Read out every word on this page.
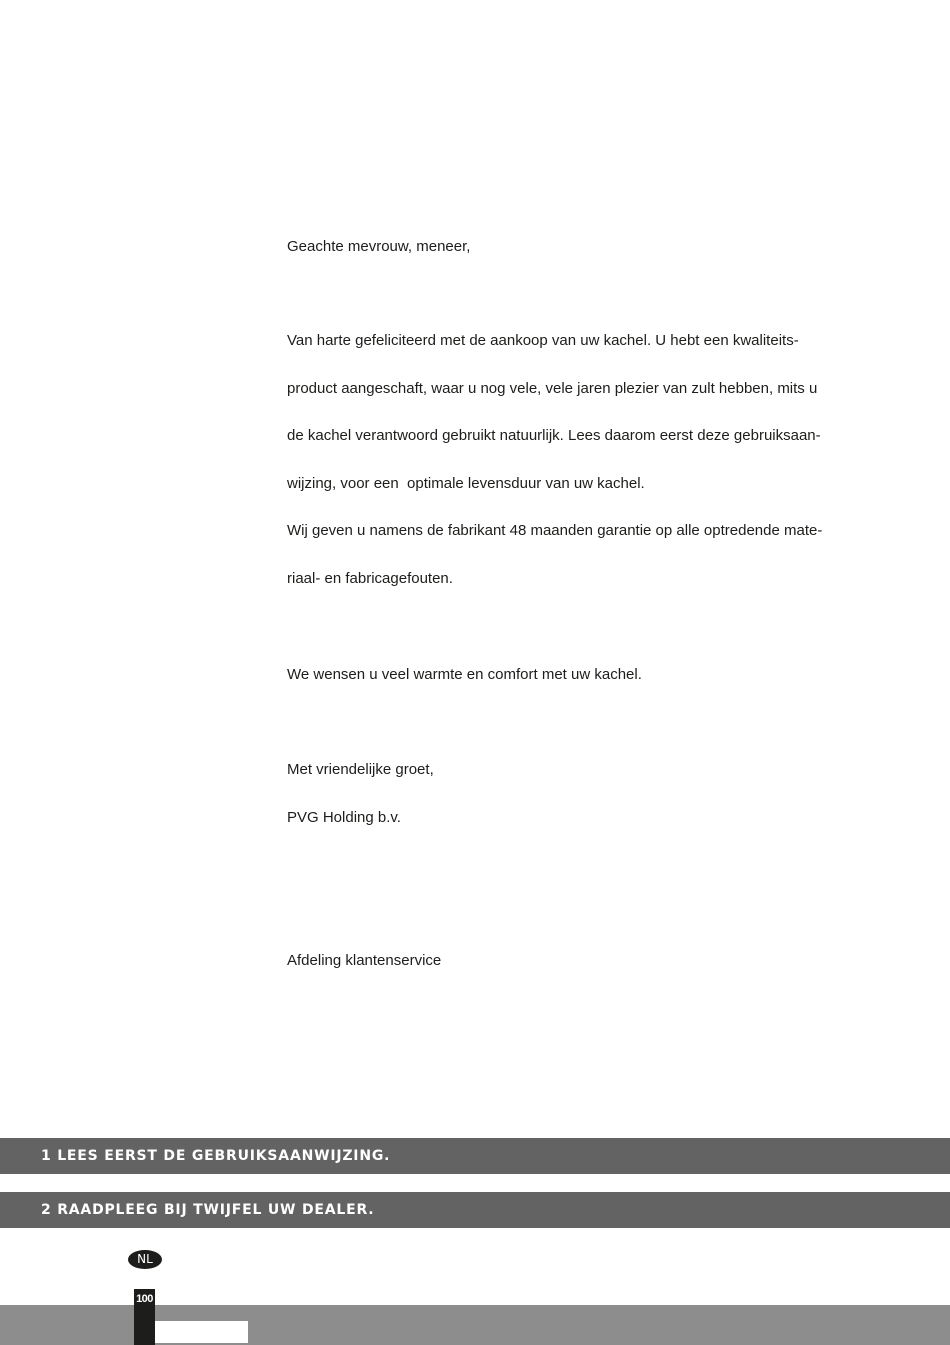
Geachte mevrouw, meneer,
Van harte gefeliciteerd met de aankoop van uw kachel. U hebt een kwaliteits-
product aangeschaft, waar u nog vele, vele jaren plezier van zult hebben, mits u
de kachel verantwoord gebruikt natuurlijk. Lees daarom eerst deze gebruiksaan-
wijzing, voor een  optimale levensduur van uw kachel.
Wij geven u namens de fabrikant 48 maanden garantie op alle optredende mate-
riaal- en fabricagefouten.
We wensen u veel warmte en comfort met uw kachel.
Met vriendelijke groet,
PVG Holding b.v.
Afdeling klantenservice
1 LEES EERST DE GEBRUIKSAANWIJZING.
2 RAADPLEEG BIJ TWIJFEL UW DEALER.
NL
100
